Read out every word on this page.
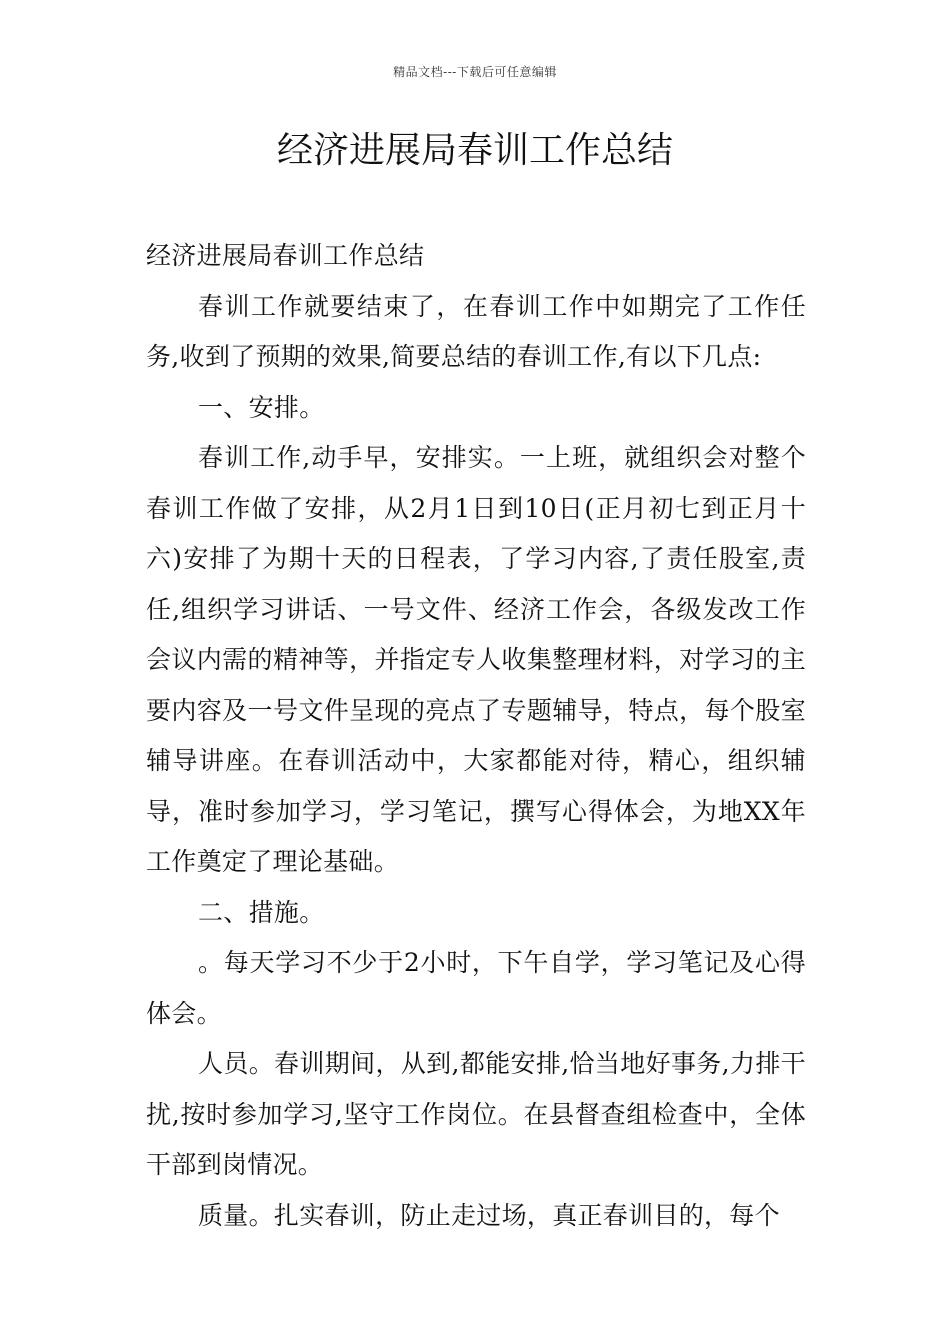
精品文档---下载后可任意编辑
经济进展局春训工作总结

经济进展局春训工作总结

春训工作就要结束了，在春训工作中如期完了工作任务,收到了预期的效果,简要总结的春训工作,有以下几点:

一、安排。

春训工作,动手早，安排实。一上班，就组织会对整个春训工作做了安排，从2月1日到10日(正月初七到正月十六)安排了为期十天的日程表，了学习内容,了责任股室,责任,组织学习讲话、一号文件、经济工作会，各级发改工作会议内需的精神等，并指定专人收集整理材料，对学习的主要内容及一号文件呈现的亮点了专题辅导，特点，每个股室辅导讲座。在春训活动中，大家都能对待，精心，组织辅导，准时参加学习，学习笔记，撰写心得体会，为地XX年工作奠定了理论基础。

二、措施。

。每天学习不少于2小时，下午自学，学习笔记及心得体会。

人员。春训期间，从到,都能安排,恰当地好事务,力排干扰,按时参加学习,坚守工作岗位。在县督查组检查中，全体干部到岗情况。

质量。扎实春训，防止走过场，真正春训目的，每个
